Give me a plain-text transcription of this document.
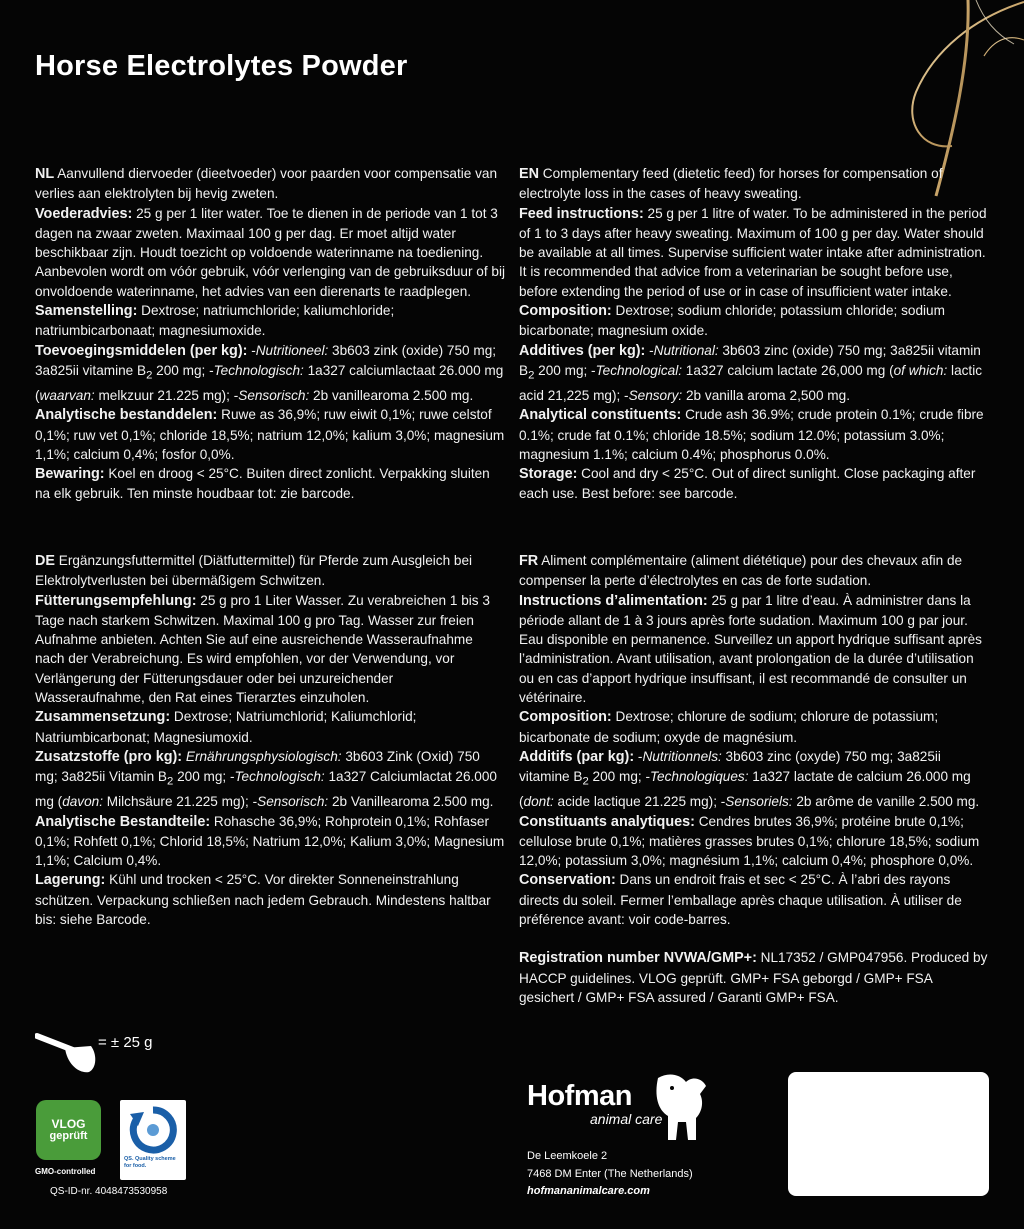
Horse Electrolytes Powder

NL Aanvullend diervoeder (dieetvoeder) voor paarden voor compensatie van verlies aan elektrolyten bij hevig zweten.

Voederadvies: 25 g per 1 liter water. Toe te dienen in de periode van 1 tot 3 dagen na zwaar zweten. Maximaal 100 g per dag. Er moet altijd water beschikbaar zijn. Houdt toezicht op voldoende waterinname na toediening. Aanbevolen wordt om vóór gebruik, vóór verlenging van de gebruiksduur of bij onvoldoende waterinname, het advies van een dierenarts te raadplegen.

Samenstelling: Dextrose; natriumchloride; kaliumchloride; natriumbicarbonaat; magnesiumoxide.

Toevoegingsmiddelen (per kg): -Nutritioneel: 3b603 zink (oxide) 750 mg; 3a825ii vitamine $B_2$ 200 mg; -Technologisch: 1a327 calciumlactaat 26.000 mg (waarvan: melkzuur 21.225 mg); -Sensorisch: 2b vanillearoma 2.500 mg.

Analytische bestanddelen: Ruwe as 36,9%; ruw eiwit 0,1%; ruwe celstof 0,1%; ruw vet 0,1%; chloride 18,5%; natrium 12,0%; kalium 3,0%; magnesium 1,1%; calcium 0,4%; fosfor 0,0%.

Bewaring: Koel en droog < 25°C. Buiten direct zonlicht. Verpakking sluiten na elk gebruik. Ten minste houdbaar tot: zie barcode.

EN Complementary feed (dietetic feed) for horses for compensation of electrolyte loss in the cases of heavy sweating.

Feed instructions: 25 g per 1 litre of water. To be administered in the period of 1 to 3 days after heavy sweating. Maximum of 100 g per day. Water should be available at all times. Supervise sufficient water intake after administration. It is recommended that advice from a veterinarian be sought before use, before extending the period of use or in case of insufficient water intake.

Composition: Dextrose; sodium chloride; potassium chloride; sodium bicarbonate; magnesium oxide.

Additives (per kg): -Nutritional: 3b603 zinc (oxide) 750 mg; 3a825ii vitamin $B_2$ 200 mg; -Technological: 1a327 calcium lactate 26,000 mg (of which: lactic acid 21,225 mg); -Sensory: 2b vanilla aroma 2,500 mg.

Analytical constituents: Crude ash 36.9%; crude protein 0.1%; crude fibre 0.1%; crude fat 0.1%; chloride 18.5%; sodium 12.0%; potassium 3.0%; magnesium 1.1%; calcium 0.4%; phosphorus 0.0%.

Storage: Cool and dry < 25°C. Out of direct sunlight. Close packaging after each use. Best before: see barcode.

DE Ergänzungsfuttermittel (Diätfuttermittel) für Pferde zum Ausgleich bei Elektrolytverlusten bei übermäßigem Schwitzen.

Fütterungsempfehlung: 25 g pro 1 Liter Wasser. Zu verabreichen 1 bis 3 Tage nach starkem Schwitzen. Maximal 100 g pro Tag. Wasser zur freien Aufnahme anbieten. Achten Sie auf eine ausreichende Wasseraufnahme nach der Verabreichung. Es wird empfohlen, vor der Verwendung, vor Verlängerung der Fütterungsdauer oder bei unzureichender Wasseraufnahme, den Rat eines Tierarztes einzuholen.

Zusammensetzung: Dextrose; Natriumchlorid; Kaliumchlorid; Natriumbicarbonat; Magnesiumoxid.

Zusatzstoffe (pro kg): Ernährungsphysiologisch: 3b603 Zink (Oxid) 750 mg; 3a825ii Vitamin $B_2$ 200 mg; -Technologisch: 1a327 Calciumlactat 26.000 mg (davon: Milchsäure 21.225 mg); -Sensorisch: 2b Vanillearoma 2.500 mg.

Analytische Bestandteile: Rohasche 36,9%; Rohprotein 0,1%; Rohfaser 0,1%; Rohfett 0,1%; Chlorid 18,5%; Natrium 12,0%; Kalium 3,0%; Magnesium 1,1%; Calcium 0,4%.

Lagerung: Kühl und trocken < 25°C. Vor direkter Sonneneinstrahlung schützen. Verpackung schließen nach jedem Gebrauch. Mindestens haltbar bis: siehe Barcode.

FR Aliment complémentaire (aliment diététique) pour des chevaux afin de compenser la perte d’électrolytes en cas de forte sudation.

Instructions d’alimentation: 25 g par 1 litre d’eau. À administrer dans la période allant de 1 à 3 jours après forte sudation. Maximum 100 g par jour. Eau disponible en permanence. Surveillez un apport hydrique suffisant après l’administration. Avant utilisation, avant prolongation de la durée d’utilisation ou en cas d’apport hydrique insuffisant, il est recommandé de consulter un vétérinaire.

Composition: Dextrose; chlorure de sodium; chlorure de potassium; bicarbonate de sodium; oxyde de magnésium.

Additifs (par kg): -Nutritionnels: 3b603 zinc (oxyde) 750 mg; 3a825ii vitamine $B_2$ 200 mg; -Technologiques: 1a327 lactate de calcium 26.000 mg (dont: acide lactique 21.225 mg); -Sensoriels: 2b arôme de vanille 2.500 mg.

Constituants analytiques: Cendres brutes 36,9%; protéine brute 0,1%; cellulose brute 0,1%; matières grasses brutes 0,1%; chlorure 18,5%; sodium 12,0%; potassium 3,0%; magnésium 1,1%; calcium 0,4%; phosphore 0,0%.

Conservation: Dans un endroit frais et sec < 25°C. À l’abri des rayons directs du soleil. Fermer l’emballage après chaque utilisation. À utiliser de préférence avant: voir code-barres.

Registration number NVWA/GMP+: NL17352 / GMP047956. Produced by HACCP guidelines. VLOG geprüft. GMP+ FSA geborgd / GMP+ FSA gesichert / GMP+ FSA assured / Garanti GMP+ FSA.

= ± 25 g
VLOG
geprüft
GMO-controlled
QS. Quality scheme for food.
QS-ID-nr. 4048473530958
Hofman
animal care
De Leemkoele 2
7468 DM Enter (The Netherlands)
hofmananimalcare.com
